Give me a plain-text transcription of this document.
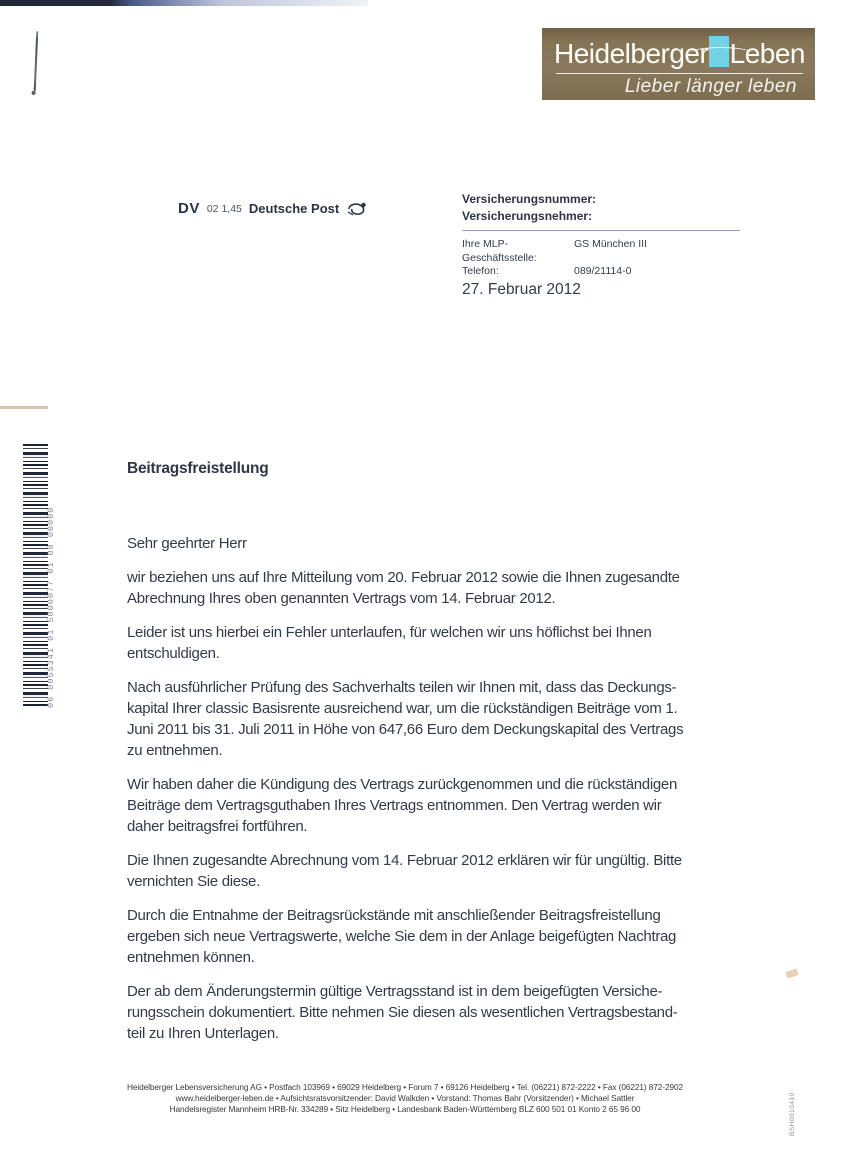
Heidelberger Leben
Lieber länger leben
DV 02 1,45 Deutsche Post
Versicherungsnummer:
Versicherungsnehmer:
Ihre MLP-Geschäftsstelle:
GS München III
Telefon:	089/21114-0
27. Februar 2012
06 0055341 01 5000077 01 08 00000
Beitragsfreistellung
Sehr geehrter Herr
wir beziehen uns auf Ihre Mitteilung vom 20. Februar 2012 sowie die Ihnen zugesandte
Abrechnung Ihres oben genannten Vertrags vom 14. Februar 2012.
Leider ist uns hierbei ein Fehler unterlaufen, für welchen wir uns höflichst bei Ihnen
entschuldigen.
Nach ausführlicher Prüfung des Sachverhalts teilen wir Ihnen mit, dass das Deckungs-
kapital Ihrer classic Basisrente ausreichend war, um die rückständigen Beiträge vom 1.
Juni 2011 bis 31. Juli 2011 in Höhe von 647,66 Euro dem Deckungskapital des Vertrags
zu entnehmen.
Wir haben daher die Kündigung des Vertrags zurückgenommen und die rückständigen
Beiträge dem Vertragsguthaben Ihres Vertrags entnommen. Den Vertrag werden wir
daher beitragsfrei fortführen.
Die Ihnen zugesandte Abrechnung vom 14. Februar 2012 erklären wir für ungültig. Bitte
vernichten Sie diese.
Durch die Entnahme der Beitragsrückstände mit anschließender Beitragsfreistellung
ergeben sich neue Vertragswerte, welche Sie dem in der Anlage beigefügten Nachtrag
entnehmen können.
Der ab dem Änderungstermin gültige Vertragsstand ist in dem beigefügten Versiche-
rungsschein dokumentiert. Bitte nehmen Sie diesen als wesentlichen Vertragsbestand-
teil zu Ihren Unterlagen.
Heidelberger Lebensversicherung AG • Postfach 103969 • 69029 Heidelberg • Forum 7 • 69126 Heidelberg • Tel. (06221) 872-2222 • Fax (06221) 872-2902
www.heidelberger-leben.de • Aufsichtsratsvorsitzender: David Walkden • Vorstand: Thomas Bahr (Vorsitzender) • Michael Sattler
Handelsregister Mannheim HRB-Nr. 334289 • Sitz Heidelberg • Landesbank Baden-Württemberg BLZ 600 501 01 Konto 2 65 96 00	BSH0010410
